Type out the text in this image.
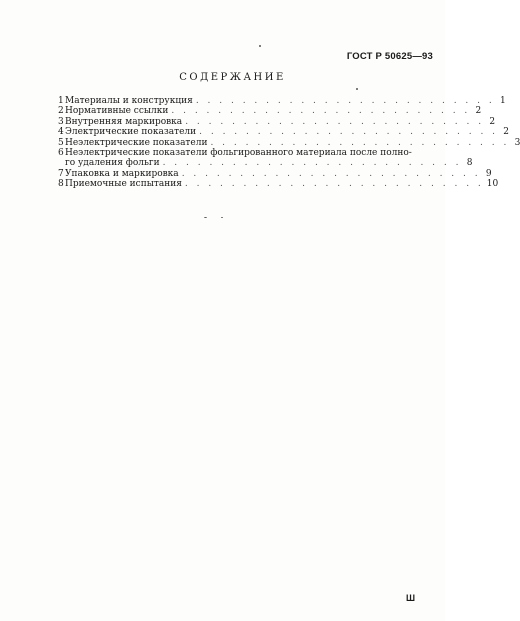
ГОСТ Р 50625—93
СОДЕРЖАНИЕ
1 Материалы и конструкция . . . . . . . . . . . . . . . . . . . . . . . . . . 1
2 Нормативные ссылки . . . . . . . . . . . . . . . . . . . . . . . . . . 2
3 Внутренняя маркировка . . . . . . . . . . . . . . . . . . . . . . . . . . 2
4 Электрические показатели . . . . . . . . . . . . . . . . . . . . . . . . . . 2
5 Неэлектрические показатели . . . . . . . . . . . . . . . . . . . . . . . . . . 3
6 Неэлектрические показатели фольгированного материала после полно-
го удаления фольги . . . . . . . . . . . . . . . . . . . . . . . . . . 8
7 Упаковка и маркировка . . . . . . . . . . . . . . . . . . . . . . . . . . 9
8 Приемочные испытания . . . . . . . . . . . . . . . . . . . . . . . . . . 10
Ш
